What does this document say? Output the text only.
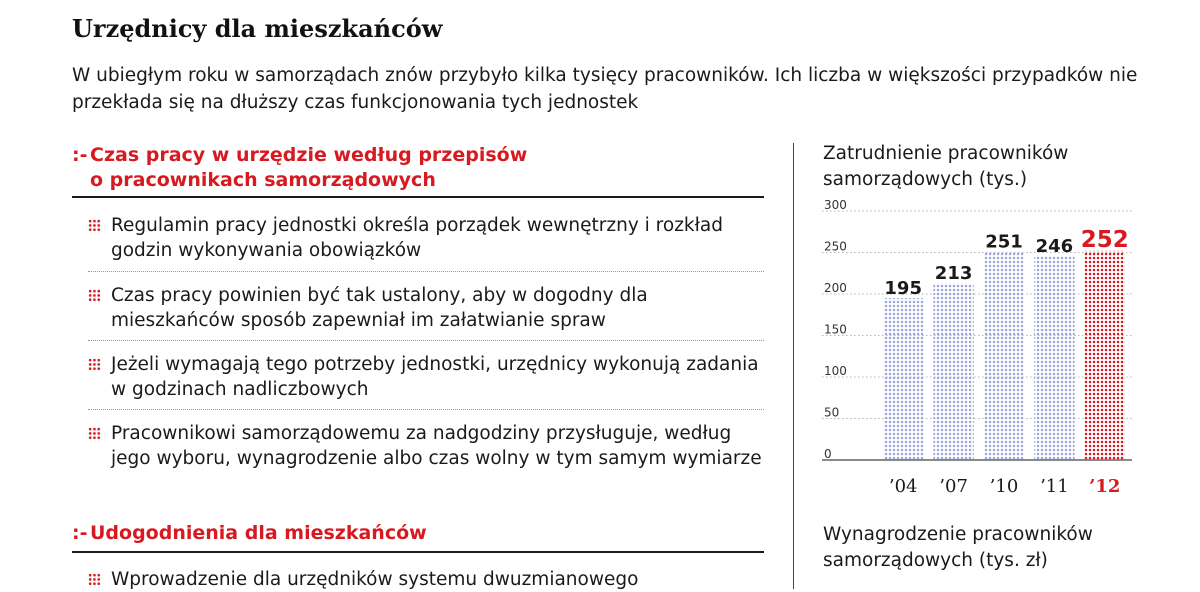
Urzędnicy dla mieszkańców
W ubiegłym roku w samorządach znów przybyło kilka tysięcy pracowników. Ich liczba w większości przypadków nie przekłada się na dłuższy czas funkcjonowania tych jednostek
:- Czas pracy w urzędzie według przepisów
o pracownikach samorządowych
Regulamin pracy jednostki określa porządek wewnętrzny i rozkład godzin wykonywania obowiązków
Czas pracy powinien być tak ustalony, aby w dogodny dla mieszkańców sposób zapewniał im załatwianie spraw
Jeżeli wymagają tego potrzeby jednostki, urzędnicy wykonują zadania w godzinach nadliczbowych
Pracownikowi samorządowemu za nadgodziny przysługuje, według jego wyboru, wynagrodzenie albo czas wolny w tym samym wymiarze
:- Udogodnienia dla mieszkańców
Wprowadzenie dla urzędników systemu dwuzmianowego
Zatrudnienie pracowników samorządowych (tys.)
300
250
200
150
100
50
0
195
’04
213
’07
251
’10
246
’11
252
’12
Wynagrodzenie pracowników samorządowych (tys. zł)
